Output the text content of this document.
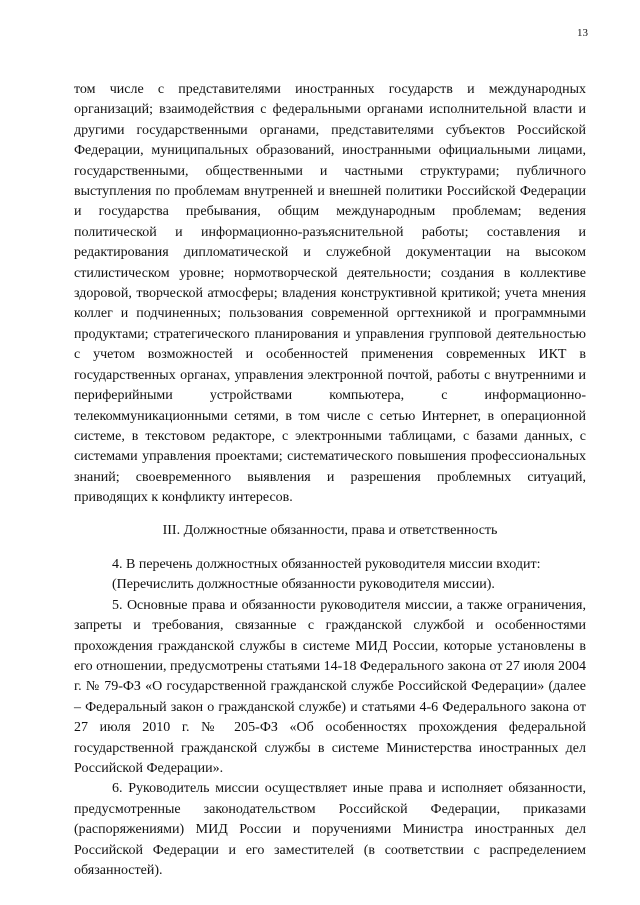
13

том числе с представителями иностранных государств и международных организаций; взаимодействия с федеральными органами исполнительной власти и другими государственными органами, представителями субъектов Российской Федерации, муниципальных образований, иностранными официальными лицами, государственными, общественными и частными структурами; публичного выступления по проблемам внутренней и внешней политики Российской Федерации и государства пребывания, общим международным проблемам; ведения политической и информационно-разъяснительной работы; составления и редактирования дипломатической и служебной документации на высоком стилистическом уровне; нормотворческой деятельности; создания в коллективе здоровой, творческой атмосферы; владения конструктивной критикой; учета мнения коллег и подчиненных; пользования современной оргтехникой и программными продуктами; стратегического планирования и управления групповой деятельностью с учетом возможностей и особенностей применения современных ИКТ в государственных органах, управления электронной почтой, работы с внутренними и периферийными устройствами компьютера, с информационно-телекоммуникационными сетями, в том числе с сетью Интернет, в операционной системе, в текстовом редакторе, с электронными таблицами, с базами данных, с системами управления проектами; систематического повышения профессиональных знаний; своевременного выявления и разрешения проблемных ситуаций, приводящих к конфликту интересов.

III. Должностные обязанности, права и ответственность

4. В перечень должностных обязанностей руководителя миссии входит:

(Перечислить должностные обязанности руководителя миссии).

5. Основные права и обязанности руководителя миссии, а также ограничения, запреты и требования, связанные с гражданской службой и особенностями прохождения гражданской службы в системе МИД России, которые установлены в его отношении, предусмотрены статьями 14-18 Федерального закона от 27 июля 2004 г. № 79-ФЗ «О государственной гражданской службе Российской Федерации» (далее – Федеральный закон о гражданской службе) и статьями 4-6 Федерального закона от 27 июля 2010 г. № 205-ФЗ «Об особенностях прохождения федеральной государственной гражданской службы в системе Министерства иностранных дел Российской Федерации».

6. Руководитель миссии осуществляет иные права и исполняет обязанности, предусмотренные законодательством Российской Федерации, приказами (распоряжениями) МИД России и поручениями Министра иностранных дел Российской Федерации и его заместителей (в соответствии с распределением обязанностей).
